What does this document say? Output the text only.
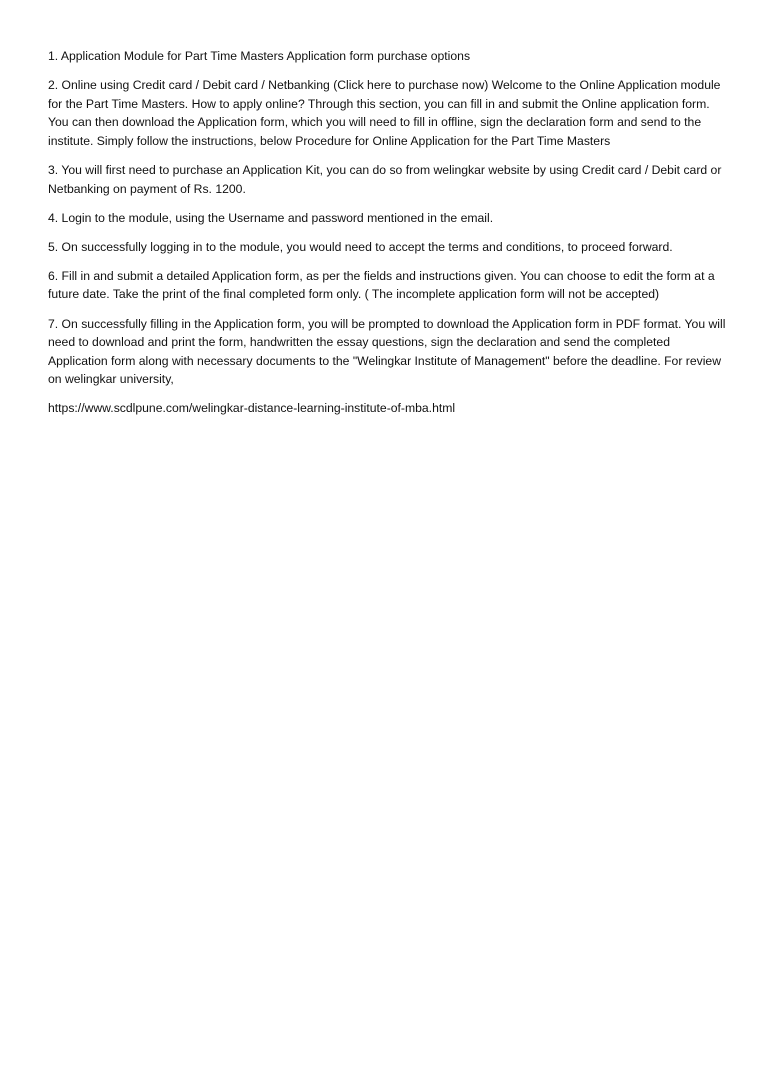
1. Application Module for Part Time Masters Application form purchase options

2. Online using Credit card / Debit card / Netbanking (Click here to purchase now) Welcome to the Online Application module for the Part Time Masters. How to apply online? Through this section, you can fill in and submit the Online application form. You can then download the Application form, which you will need to fill in offline, sign the declaration form and send to the institute. Simply follow the instructions, below Procedure for Online Application for the Part Time Masters

3. You will first need to purchase an Application Kit, you can do so from welingkar website by using Credit card / Debit card or Netbanking on payment of Rs. 1200.

4. Login to the module, using the Username and password mentioned in the email.

5. On successfully logging in to the module, you would need to accept the terms and conditions, to proceed forward.

6. Fill in and submit a detailed Application form, as per the fields and instructions given. You can choose to edit the form at a future date. Take the print of the final completed form only. ( The incomplete application form will not be accepted)

7. On successfully filling in the Application form, you will be prompted to download the Application form in PDF format. You will need to download and print the form, handwritten the essay questions, sign the declaration and send the completed Application form along with necessary documents to the "Welingkar Institute of Management" before the deadline. For review on welingkar university,

https://www.scdlpune.com/welingkar-distance-learning-institute-of-mba.html
